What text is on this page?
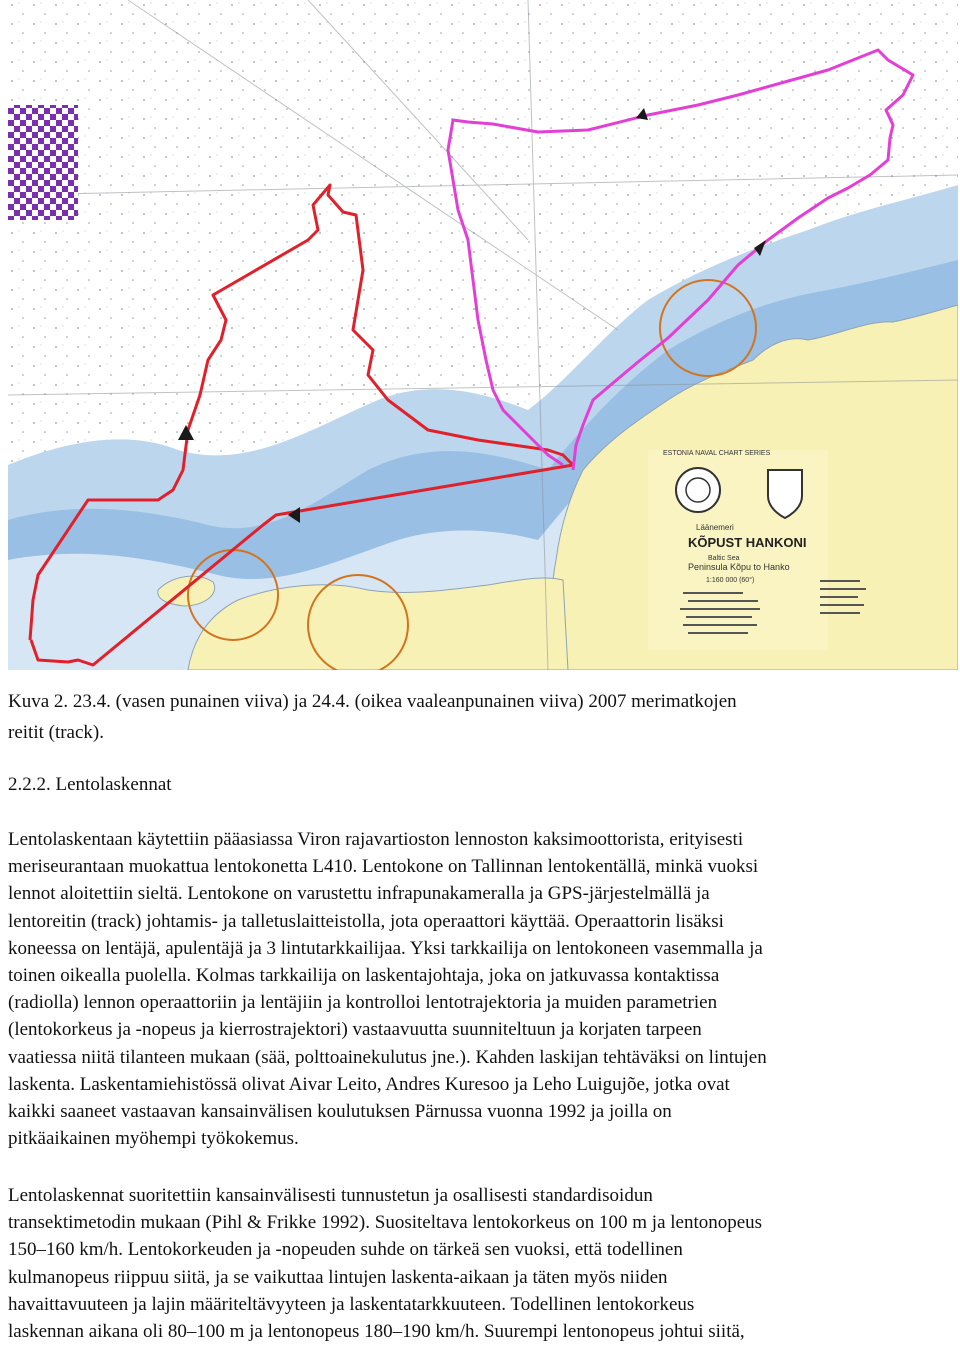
ESTONIA NAVAL CHART SERIES
Läänemeri
KÕPUST HANKONI
Baltic Sea
Peninsula Kõpu to Hanko
1:160 000 (60°)
Kuva 2. 23.4. (vasen punainen viiva) ja 24.4. (oikea vaaleanpunainen viiva) 2007 merimatkojen
reitit (track).
2.2.2. Lentolaskennat
Lentolaskentaan käytettiin pääasiassa Viron rajavartioston lennoston kaksimoottorista, erityisesti
meriseurantaan muokattua lentokonetta L410. Lentokone on Tallinnan lentokentällä, minkä vuoksi
lennot aloitettiin sieltä. Lentokone on varustettu infrapunakameralla ja GPS-järjestelmällä ja
lentoreitin (track) johtamis- ja talletuslaitteistolla, jota operaattori käyttää. Operaattorin lisäksi
koneessa on lentäjä, apulentäjä ja 3 lintutarkkailijaa. Yksi tarkkailija on lentokoneen vasemmalla ja
toinen oikealla puolella. Kolmas tarkkailija on laskentajohtaja, joka on jatkuvassa kontaktissa
(radiolla) lennon operaattoriin ja lentäjiin ja kontrolloi lentotrajektoria ja muiden parametrien
(lentokorkeus ja -nopeus ja kierrostrajektori) vastaavuutta suunniteltuun ja korjaten tarpeen
vaatiessa niitä tilanteen mukaan (sää, polttoainekulutus jne.). Kahden laskijan tehtäväksi on lintujen
laskenta. Laskentamiehistössä olivat Aivar Leito, Andres Kuresoo ja Leho Luigujõe, jotka ovat
kaikki saaneet vastaavan kansainvälisen koulutuksen Pärnussa vuonna 1992 ja joilla on
pitkäaikainen myöhempi työkokemus.
Lentolaskennat suoritettiin kansainvälisesti tunnustetun ja osallisesti standardisoidun
transektimetodin mukaan (Pihl & Frikke 1992). Suositeltava lentokorkeus on 100 m ja lentonopeus
150–160 km/h. Lentokorkeuden ja -nopeuden suhde on tärkeä sen vuoksi, että todellinen
kulmanopeus riippuu siitä, ja se vaikuttaa lintujen laskenta-aikaan ja täten myös niiden
havaittavuuteen ja lajin määriteltävyyteen ja laskentatarkkuuteen. Todellinen lentokorkeus
laskennan aikana oli 80–100 m ja lentonopeus 180–190 km/h. Suurempi lentonopeus johtui siitä,
